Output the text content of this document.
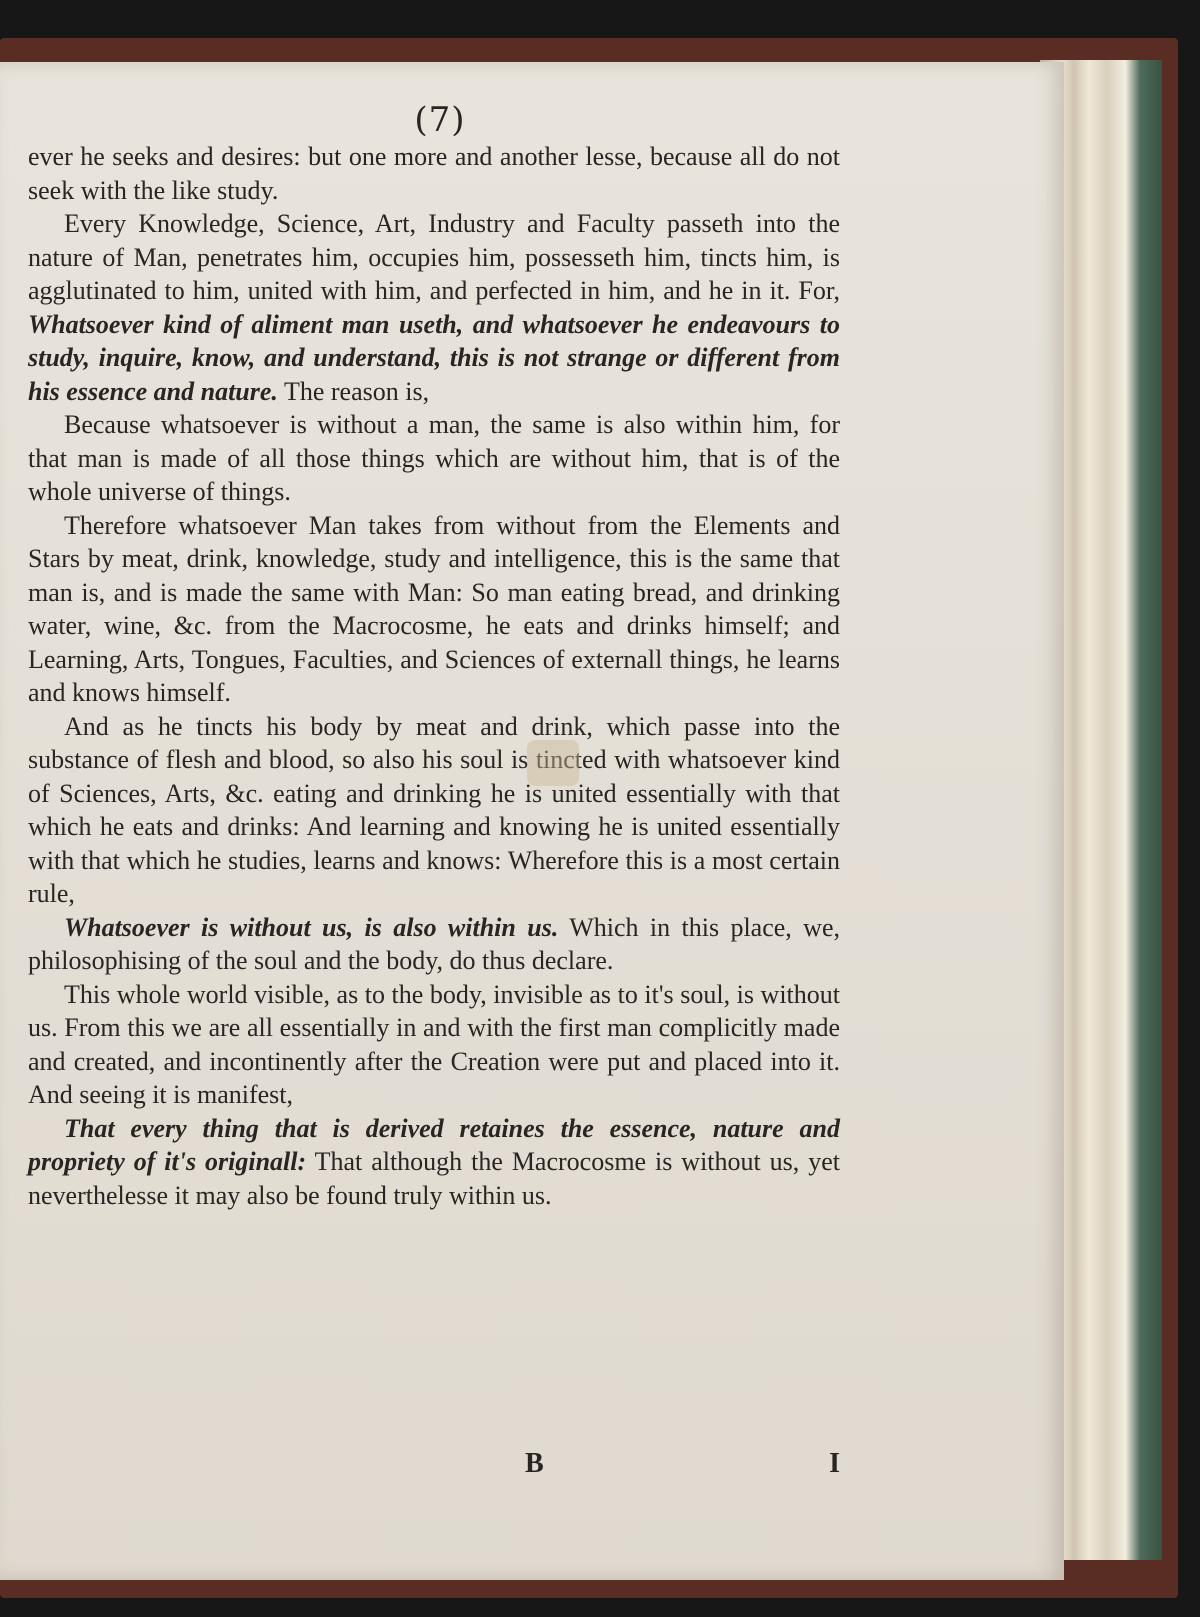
(7)

ever he seeks and desires: but one more and another lesse, because all do not seek with the like study.

Every Knowledge, Science, Art, Industry and Faculty passeth into the nature of Man, penetrates him, occupies him, possesseth him, tincts him, is agglutinated to him, united with him, and perfected in him, and he in it. For, Whatsoever kind of aliment man useth, and whatsoever he endeavours to study, inquire, know, and understand, this is not strange or different from his essence and nature. The reason is,

Because whatsoever is without a man, the same is also within him, for that man is made of all those things which are without him, that is of the whole universe of things.

Therefore whatsoever Man takes from without from the Elements and Stars by meat, drink, knowledge, study and intelligence, this is the same that man is, and is made the same with Man: So man eating bread, and drinking water, wine, &c. from the Macrocosme, he eats and drinks himself; and Learning, Arts, Tongues, Faculties, and Sciences of externall things, he learns and knows himself.

And as he tincts his body by meat and drink, which passe into the substance of flesh and blood, so also his soul is tincted with whatsoever kind of Sciences, Arts, &c. eating and drinking he is united essentially with that which he eats and drinks: And learning and knowing he is united essentially with that which he studies, learns and knows: Wherefore this is a most certain rule,

Whatsoever is without us, is also within us. Which in this place, we, philosophising of the soul and the body, do thus declare.

This whole world visible, as to the body, invisible as to it's soul, is without us. From this we are all essentially in and with the first man complicitly made and created, and incontinently after the Creation were put and placed into it. And seeing it is manifest,

That every thing that is derived retaines the essence, nature and propriety of it's originall: That although the Macrocosme is without us, yet neverthelesse it may also be found truly within us.

B	I
